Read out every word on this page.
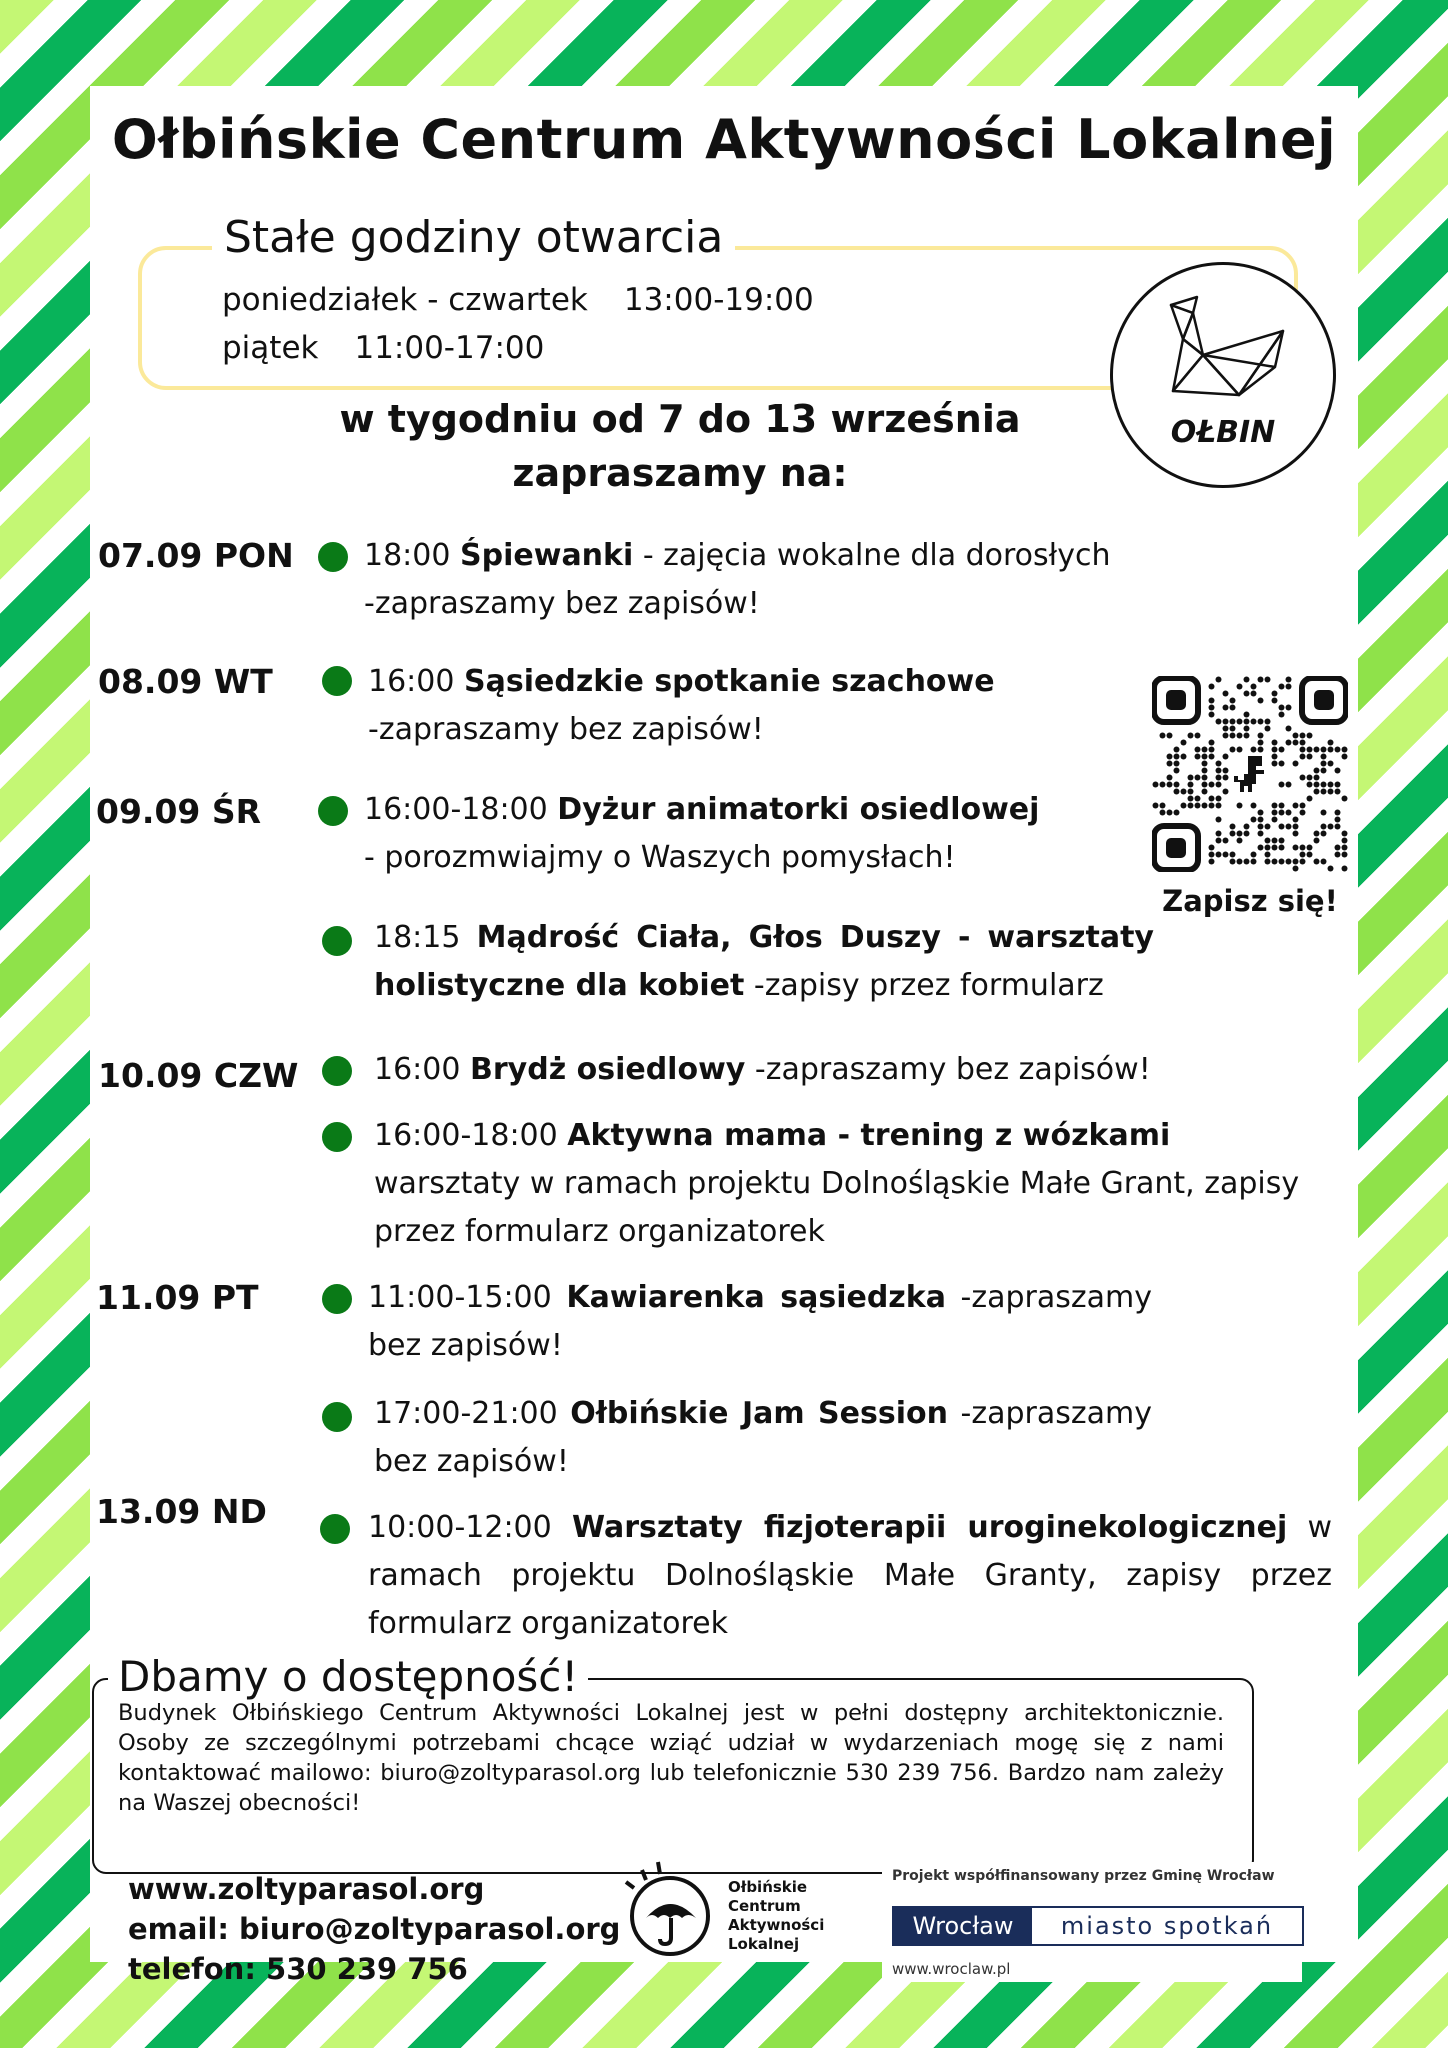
Ołbińskie Centrum Aktywności Lokalnej
Stałe godziny otwarcia
poniedziałek - czwartek 13:00-19:00
piątek 11:00-17:00
OŁBIN
w tygodniu od 7 do 13 września
zapraszamy na:
07.09 PON
08.09 WT
09.09 ŚR
10.09 CZW
11.09 PT
13.09 ND
18:00 Śpiewanki - zajęcia wokalne dla dorosłych
-zapraszamy bez zapisów!
16:00 Sąsiedzkie spotkanie szachowe
-zapraszamy bez zapisów!
16:00-18:00 Dyżur animatorki osiedlowej
- porozmwiajmy o Waszych pomysłach!
18:15 Mądrość Ciała, Głos Duszy - warsztaty holistyczne dla kobiet -zapisy przez formularz
16:00 Brydż osiedlowy -zapraszamy bez zapisów!
16:00-18:00 Aktywna mama - trening z wózkami
warsztaty w ramach projektu Dolnośląskie Małe Grant, zapisy przez formularz organizatorek
11:00-15:00 Kawiarenka sąsiedzka -zapraszamy bez zapisów!
17:00-21:00 Ołbińskie Jam Session -zapraszamy bez zapisów!
10:00-12:00 Warsztaty fizjoterapii uroginekologicznej w ramach projektu Dolnośląskie Małe Granty, zapisy przez formularz organizatorek
Zapisz się!
Dbamy o dostępność!
Budynek Ołbińskiego Centrum Aktywności Lokalnej jest w pełni dostępny architektonicznie. Osoby ze szczególnymi potrzebami chcące wziąć udział w wydarzeniach mogę się z nami kontaktować mailowo: biuro@zoltyparasol.org lub telefonicznie 530 239 756. Bardzo nam zależy na Waszej obecności!
www.zoltyparasol.org
email: biuro@zoltyparasol.org
telefon: 530 239 756
Ołbińskie
Centrum
Aktywności
Lokalnej
Projekt współfinansowany przez Gminę Wrocław
Wrocław	miasto spotkań
www.wroclaw.pl
